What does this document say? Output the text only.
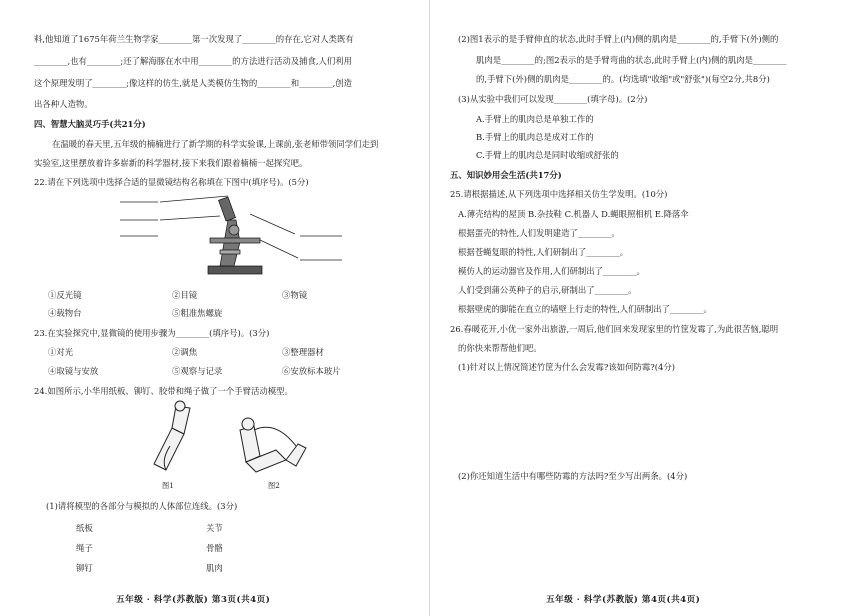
料,他知道了1675年荷兰生物学家________第一次发现了________的存在,它对人类既有
________,也有________;还了解海豚在水中用________的方法进行活动及捕食,人们利用
这个原理发明了________;像这样的仿生,就是人类模仿生物的________和________,创造
出各种人造物。
四、智慧大脑灵巧手(共21分)
在温暖的春天里,五年级的楠楠进行了新学期的科学实验课,上课前,张老师带领同学们走到
实验室,这里摆放着许多崭新的科学器材,接下来我们跟着楠楠一起探究吧。
22.请在下列选项中选择合适的显微镜结构名称填在下图中(填序号)。(5分)
①反光镜	②目镜	③物镜
④载物台	⑤粗准焦螺旋
23.在实验探究中,显微镜的使用步骤为________(填序号)。(3分)
①对光	②调焦	③整理器材
④取镜与安放	⑤观察与记录	⑥安放标本玻片
24.如图所示,小华用纸板、铆钉、胶带和绳子做了一个手臂活动模型。
图1	图2
(1)请将模型的各部分与模拟的人体部位连线。(3分)
纸板
绳子
铆钉
关节
骨骼
肌肉
五年级 · 科学(苏教版) 第3页(共4页)
(2)图1表示的是手臂伸直的状态,此时手臂上(内)侧的肌肉是________的,手臂下(外)侧的
肌肉是________的;图2表示的是手臂弯曲的状态,此时手臂上(内)侧的肌肉是________
的,手臂下(外)侧的肌肉是________的。(均选填"收缩"或"舒张")(每空2分,共8分)
(3)从实验中我们可以发现________(填字母)。(2分)
A.手臂上的肌肉总是单独工作的
B.手臂上的肌肉总是成对工作的
C.手臂上的肌肉总是同时收缩或舒张的
五、知识妙用会生活(共17分)
25.请根据描述,从下列选项中选择相关仿生学发明。(10分)
A.薄壳结构的屋顶 B.杂技鞋 C.机器人 D.蝇眼照相机 E.降落伞
根据蛋壳的特性,人们发明建造了________。
根据苍蝇复眼的特性,人们研制出了________。
模仿人的运动器官及作用,人们研制出了________。
人们受到蒲公英种子的启示,研制出了________。
根据壁虎的脚能在直立的墙壁上行走的特性,人们研制出了________。
26.春暖花开,小优一家外出旅游,一周后,他们回来发现家里的竹筐发霉了,为此很苦恼,聪明
的你快来帮帮他们吧。
(1)针对以上情况简述竹筐为什么会发霉?该如何防霉?(4分)
(2)你还知道生活中有哪些防霉的方法吗?至少写出两条。(4分)
五年级 · 科学(苏教版) 第4页(共4页)
